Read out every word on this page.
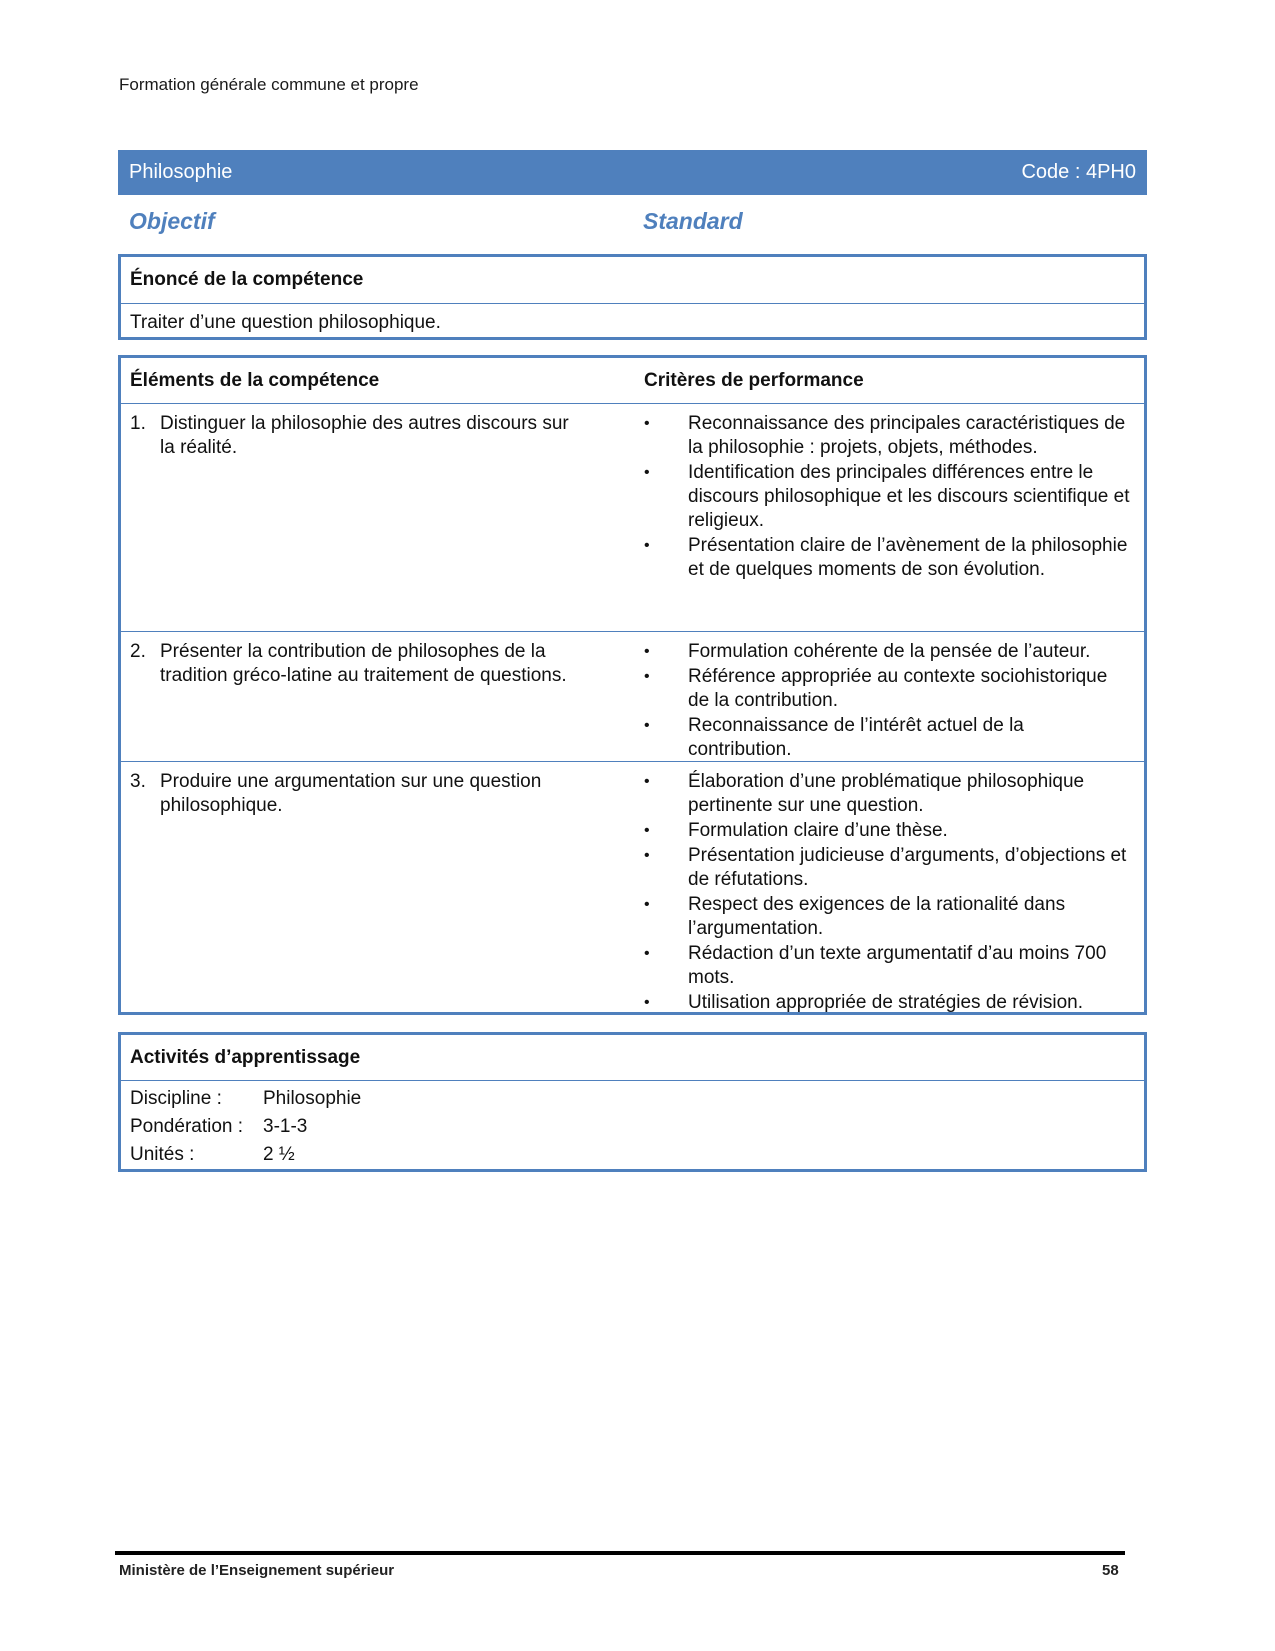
Formation générale commune et propre
Philosophie	Code : 4PH0
Objectif	Standard
Énoncé de la compétence
Traiter d’une question philosophique.
Éléments de la compétence	Critères de performance
1. Distinguer la philosophie des autres discours sur la réalité.
•	Reconnaissance des principales caractéristiques de la philosophie : projets, objets, méthodes.
•	Identification des principales différences entre le discours philosophique et les discours scientifique et religieux.
•	Présentation claire de l’avènement de la philosophie et de quelques moments de son évolution.
2. Présenter la contribution de philosophes de la tradition gréco-latine au traitement de questions.
•	Formulation cohérente de la pensée de l’auteur.
•	Référence appropriée au contexte sociohistorique de la contribution.
•	Reconnaissance de l’intérêt actuel de la contribution.
3. Produire une argumentation sur une question philosophique.
•	Élaboration d’une problématique philosophique pertinente sur une question.
•	Formulation claire d’une thèse.
•	Présentation judicieuse d’arguments, d’objections et de réfutations.
•	Respect des exigences de la rationalité dans l’argumentation.
•	Rédaction d’un texte argumentatif d’au moins 700 mots.
•	Utilisation appropriée de stratégies de révision.
Activités d’apprentissage
Discipline :	Philosophie
Pondération :	3-1-3
Unités :	2 ½
Ministère de l’Enseignement supérieur	58
